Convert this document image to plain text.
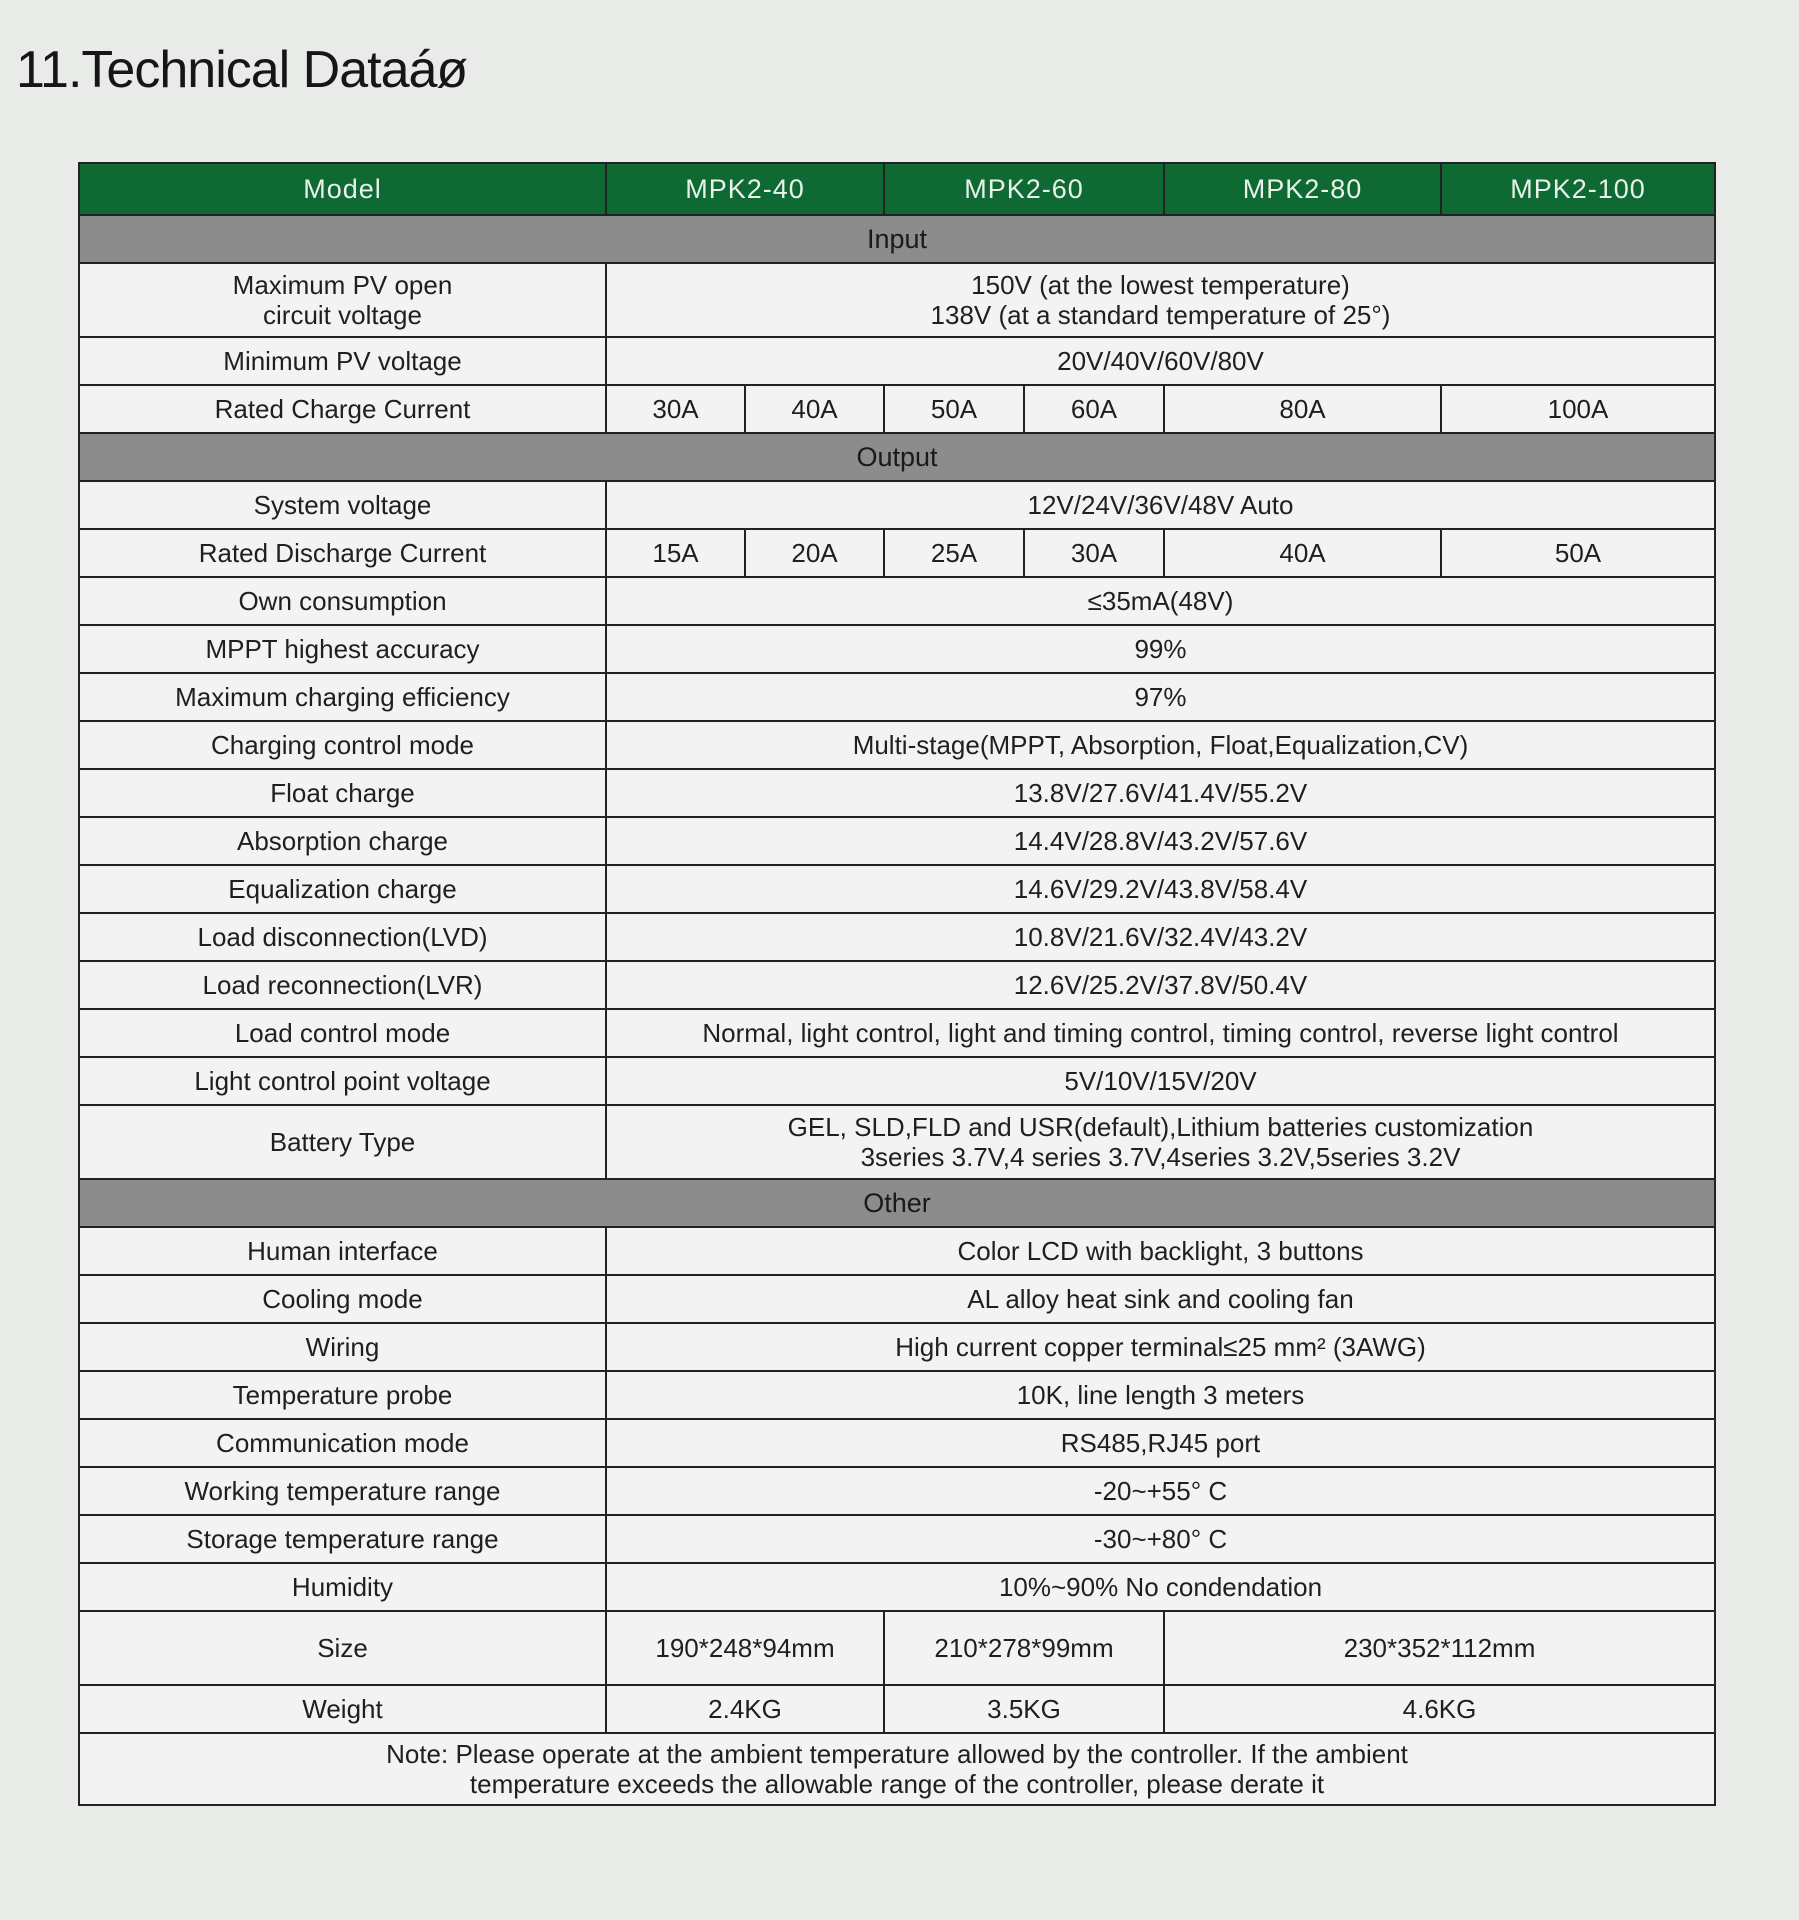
11.Technical Dataáø
Model	MPK2-40		MPK2-60		MPK2-80	MPK2-100
Input						
Maximum PV open
circuit voltage	150V (at the lowest temperature)
138V (at a standard temperature of 25°)					
Minimum PV voltage	20V/40V/60V/80V					
Rated Charge Current	30A	40A	50A	60A	80A	100A
Output						
System voltage	12V/24V/36V/48V Auto					
Rated Discharge Current	15A	20A	25A	30A	40A	50A
Own consumption	≤35mA(48V)					
MPPT highest accuracy	99%					
Maximum charging efficiency	97%					
Charging control mode	Multi-stage(MPPT, Absorption, Float,Equalization,CV)					
Float charge	13.8V/27.6V/41.4V/55.2V					
Absorption charge	14.4V/28.8V/43.2V/57.6V					
Equalization charge	14.6V/29.2V/43.8V/58.4V					
Load disconnection(LVD)	10.8V/21.6V/32.4V/43.2V					
Load reconnection(LVR)	12.6V/25.2V/37.8V/50.4V					
Load control mode	Normal, light control, light and timing control, timing control, reverse light control					
Light control point voltage	5V/10V/15V/20V					
Battery Type	GEL, SLD,FLD and USR(default),Lithium batteries customization
3series 3.7V,4 series 3.7V,4series 3.2V,5series 3.2V					
Other						
Human interface	Color LCD with backlight, 3 buttons					
Cooling mode	AL alloy heat sink and cooling fan					
Wiring	High current copper terminal≤25 mm² (3AWG)					
Temperature probe	10K, line length 3 meters					
Communication mode	RS485,RJ45 port					
Working temperature range	-20~+55° C					
Storage temperature range	-30~+80° C					
Humidity	10%~90% No condendation					
Size	190*248*94mm		210*278*99mm		230*352*112mm	
Weight	2.4KG		3.5KG		4.6KG	
Note: Please operate at the ambient temperature allowed by the controller. If the ambient
temperature exceeds the allowable range of the controller, please derate it						
